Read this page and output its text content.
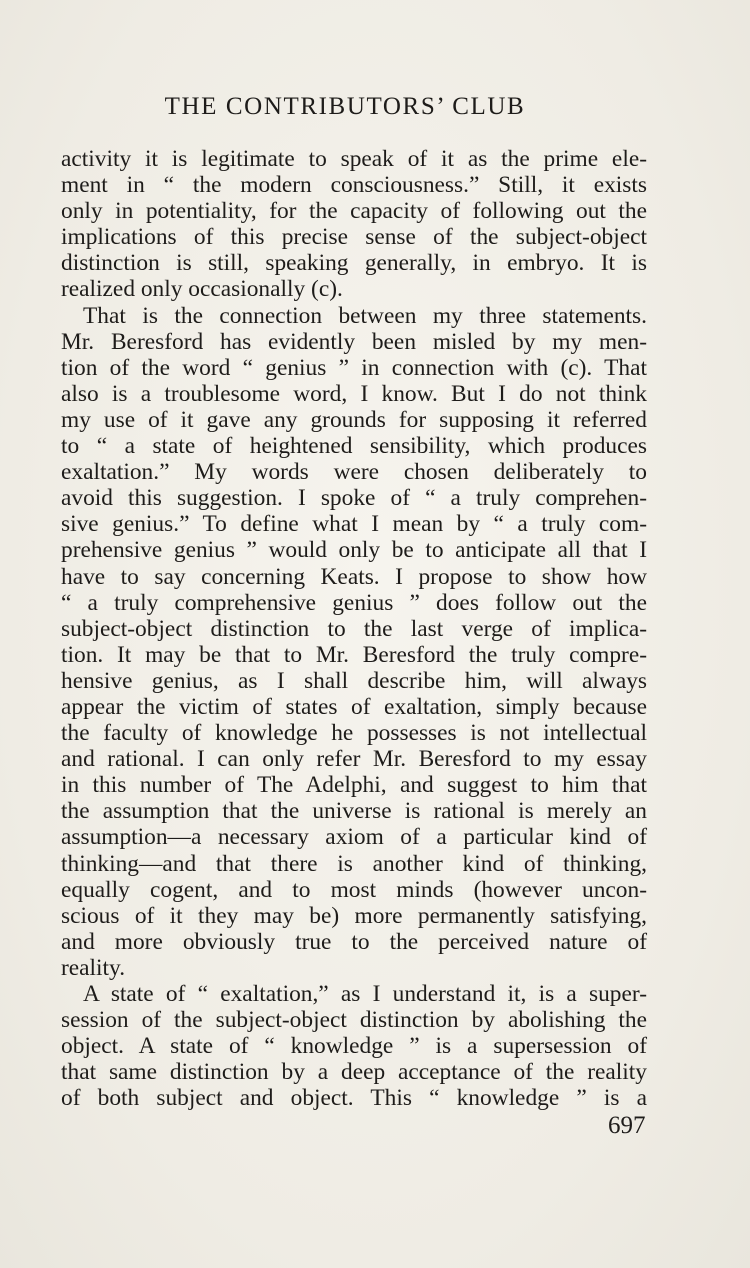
THE CONTRIBUTORS’ CLUB

activity it is legitimate to speak of it as the prime ele-
ment in “ the modern consciousness.” Still, it exists
only in potentiality, for the capacity of following out the
implications of this precise sense of the subject-object
distinction is still, speaking generally, in embryo. It is
realized only occasionally (c).

That is the connection between my three statements.
Mr. Beresford has evidently been misled by my men-
tion of the word “ genius ” in connection with (c). That
also is a troublesome word, I know. But I do not think
my use of it gave any grounds for supposing it referred
to “ a state of heightened sensibility, which produces
exaltation.” My words were chosen deliberately to
avoid this suggestion. I spoke of “ a truly comprehen-
sive genius.” To define what I mean by “ a truly com-
prehensive genius ” would only be to anticipate all that I
have to say concerning Keats. I propose to show how
“ a truly comprehensive genius ” does follow out the
subject-object distinction to the last verge of implica-
tion. It may be that to Mr. Beresford the truly compre-
hensive genius, as I shall describe him, will always
appear the victim of states of exaltation, simply because
the faculty of knowledge he possesses is not intellectual
and rational. I can only refer Mr. Beresford to my essay
in this number of The Adelphi, and suggest to him that
the assumption that the universe is rational is merely an
assumption—a necessary axiom of a particular kind of
thinking—and that there is another kind of thinking,
equally cogent, and to most minds (however uncon-
scious of it they may be) more permanently satisfying,
and more obviously true to the perceived nature of
reality.

A state of “ exaltation,” as I understand it, is a super-
session of the subject-object distinction by abolishing the
object. A state of “ knowledge ” is a supersession of
that same distinction by a deep acceptance of the reality
of both subject and object. This “ knowledge ” is a

697
